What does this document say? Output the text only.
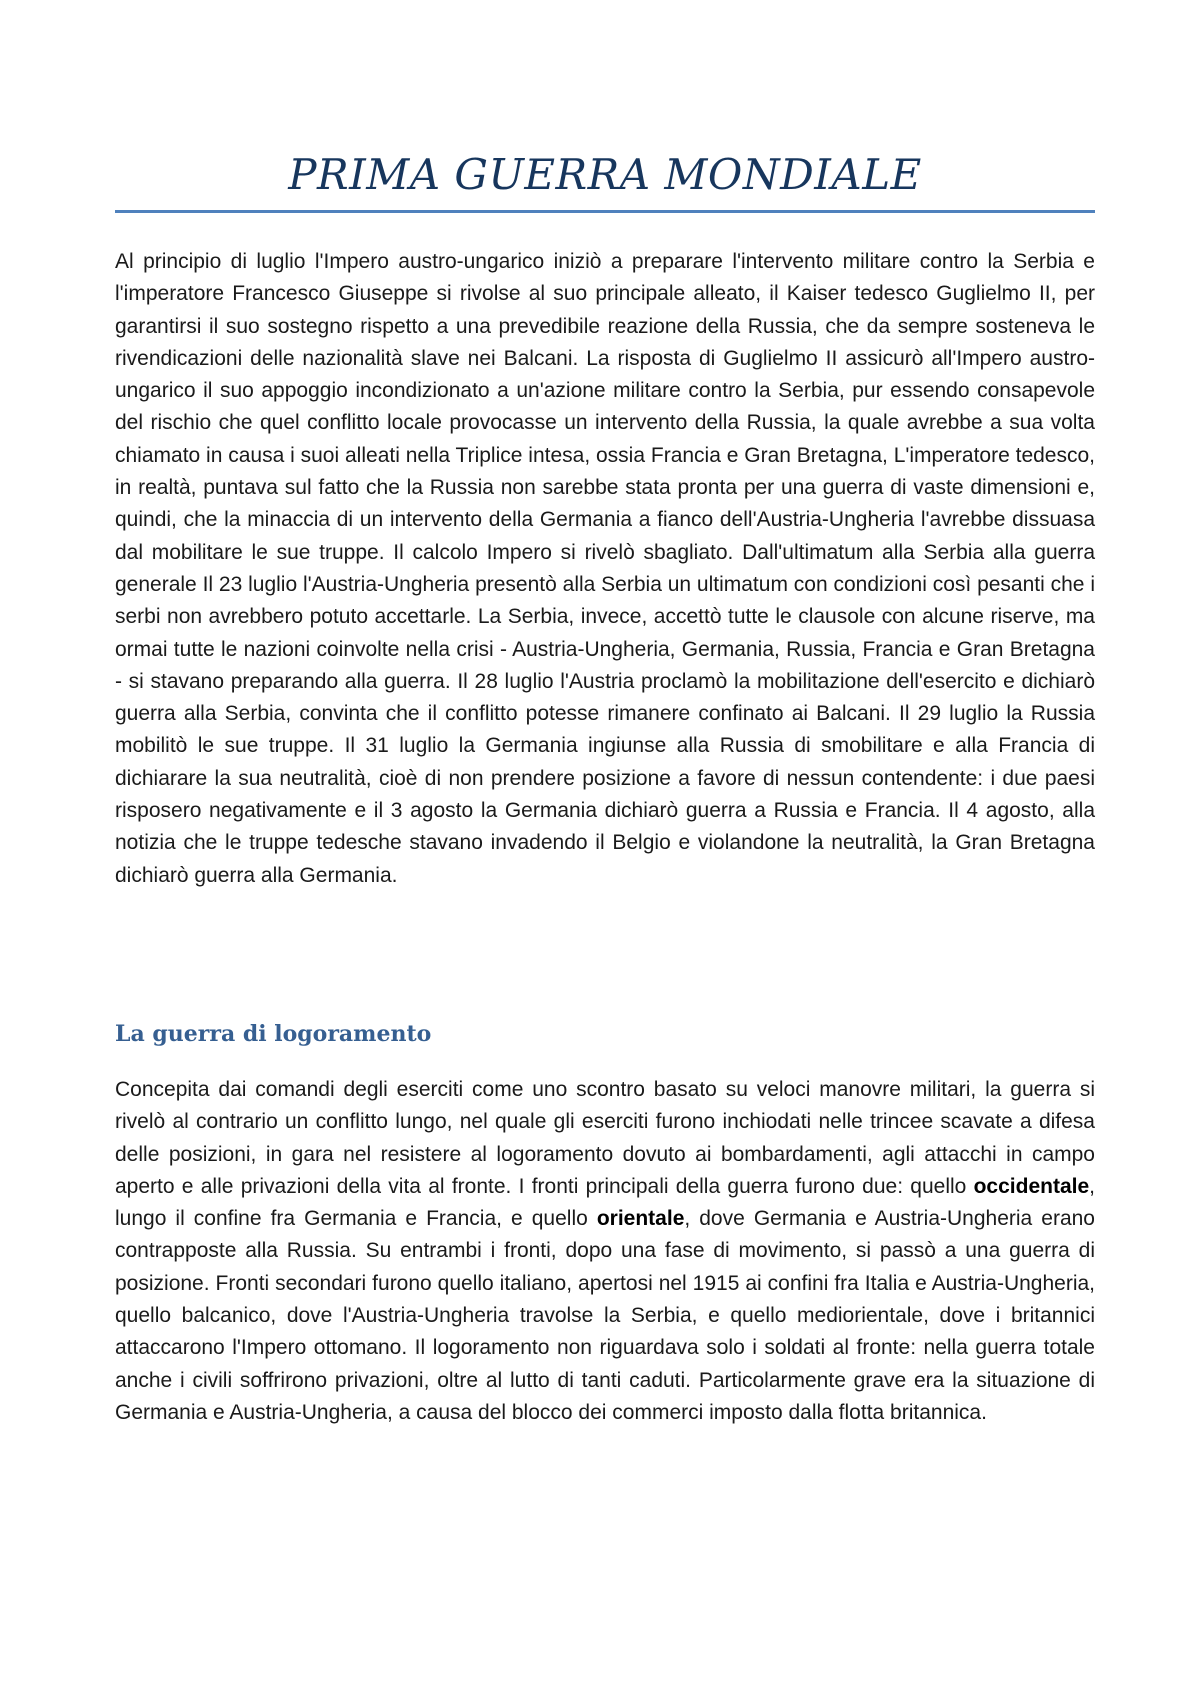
PRIMA GUERRA MONDIALE

Al principio di luglio l'Impero austro-ungarico iniziò a preparare l'intervento militare contro la Serbia e l'imperatore Francesco Giuseppe si rivolse al suo principale alleato, il Kaiser tedesco Guglielmo II, per garantirsi il suo sostegno rispetto a una prevedibile reazione della Russia, che da sempre sosteneva le rivendicazioni delle nazionalità slave nei Balcani. La risposta di Guglielmo II assicurò all'Impero austro-ungarico il suo appoggio incondizionato a un'azione militare contro la Serbia, pur essendo consapevole del rischio che quel conflitto locale provocasse un intervento della Russia, la quale avrebbe a sua volta chiamato in causa i suoi alleati nella Triplice intesa, ossia Francia e Gran Bretagna, L'imperatore tedesco, in realtà, puntava sul fatto che la Russia non sarebbe stata pronta per una guerra di vaste dimensioni e, quindi, che la minaccia di un intervento della Germania a fianco dell'Austria-Ungheria l'avrebbe dissuasa dal mobilitare le sue truppe. Il calcolo Impero si rivelò sbagliato. Dall'ultimatum alla Serbia alla guerra generale Il 23 luglio l'Austria-Ungheria presentò alla Serbia un ultimatum con condizioni così pesanti che i serbi non avrebbero potuto accettarle. La Serbia, invece, accettò tutte le clausole con alcune riserve, ma ormai tutte le nazioni coinvolte nella crisi - Austria-Ungheria, Germania, Russia, Francia e Gran Bretagna - si stavano preparando alla guerra. Il 28 luglio l'Austria proclamò la mobilitazione dell'esercito e dichiarò guerra alla Serbia, convinta che il conflitto potesse rimanere confinato ai Balcani. Il 29 luglio la Russia mobilitò le sue truppe. Il 31 luglio la Germania ingiunse alla Russia di smobilitare e alla Francia di dichiarare la sua neutralità, cioè di non prendere posizione a favore di nessun contendente: i due paesi risposero negativamente e il 3 agosto la Germania dichiarò guerra a Russia e Francia. Il 4 agosto, alla notizia che le truppe tedesche stavano invadendo il Belgio e violandone la neutralità, la Gran Bretagna dichiarò guerra alla Germania.

La guerra di logoramento

Concepita dai comandi degli eserciti come uno scontro basato su veloci manovre militari, la guerra si rivelò al contrario un conflitto lungo, nel quale gli eserciti furono inchiodati nelle trincee scavate a difesa delle posizioni, in gara nel resistere al logoramento dovuto ai bombardamenti, agli attacchi in campo aperto e alle privazioni della vita al fronte. I fronti principali della guerra furono due: quello occidentale, lungo il confine fra Germania e Francia, e quello orientale, dove Germania e Austria-Ungheria erano contrapposte alla Russia. Su entrambi i fronti, dopo una fase di movimento, si passò a una guerra di posizione. Fronti secondari furono quello italiano, apertosi nel 1915 ai confini fra Italia e Austria-Ungheria, quello balcanico, dove l'Austria-Ungheria travolse la Serbia, e quello mediorientale, dove i britannici attaccarono l'Impero ottomano. Il logoramento non riguardava solo i soldati al fronte: nella guerra totale anche i civili soffrirono privazioni, oltre al lutto di tanti caduti. Particolarmente grave era la situazione di Germania e Austria-Ungheria, a causa del blocco dei commerci imposto dalla flotta britannica.
